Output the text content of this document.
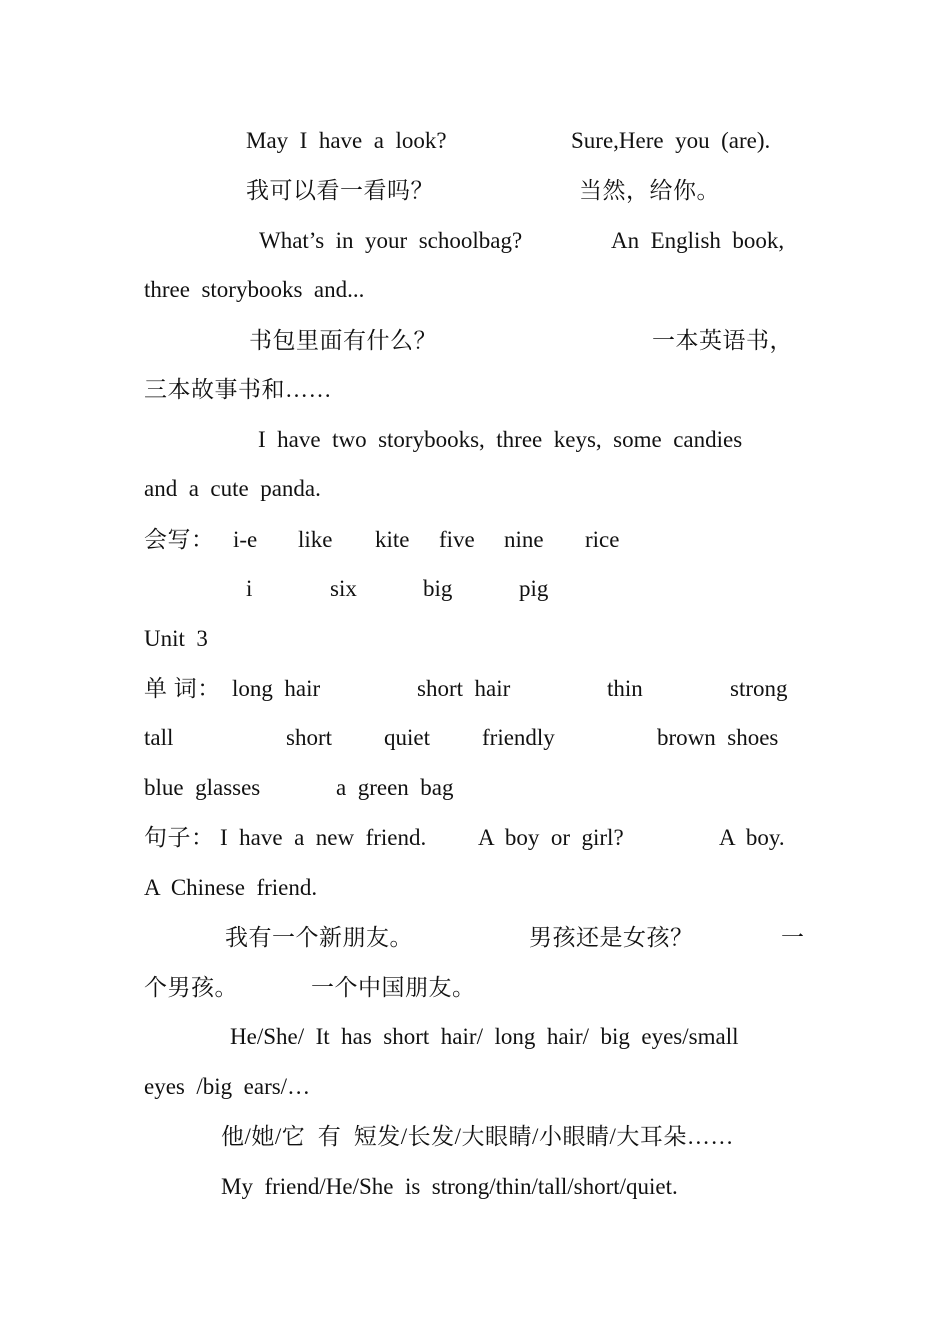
May  I  have  a  look?	Sure,Here  you  (are).

我可以看一看吗？	当然，给你。

What’s  in  your  schoolbag?	An  English  book,

three  storybooks  and...

书包里面有什么？	一本英语书，

三本故事书和……

I  have  two  storybooks,  three  keys,  some  candies

and  a  cute  panda.

会写： i-e like kite five nine rice

i	six	big	pig

Unit  3

单 词： long  hair	short  hair	thin	strong

tall	short quiet friendly	brown  shoes

blue  glasses	a  green  bag

句子： I  have  a  new  friend. A  boy  or  girl?	A  boy.

A  Chinese  friend.

我有一个新朋友。	男孩还是女孩？	一

个男孩。	一个中国朋友。

He/She/  It  has  short  hair/  long  hair/  big  eyes/small

eyes  /big  ears/…

他/她/它  有  短发/长发/大眼睛/小眼睛/大耳朵……

My  friend/He/She  is  strong/thin/tall/short/quiet.
